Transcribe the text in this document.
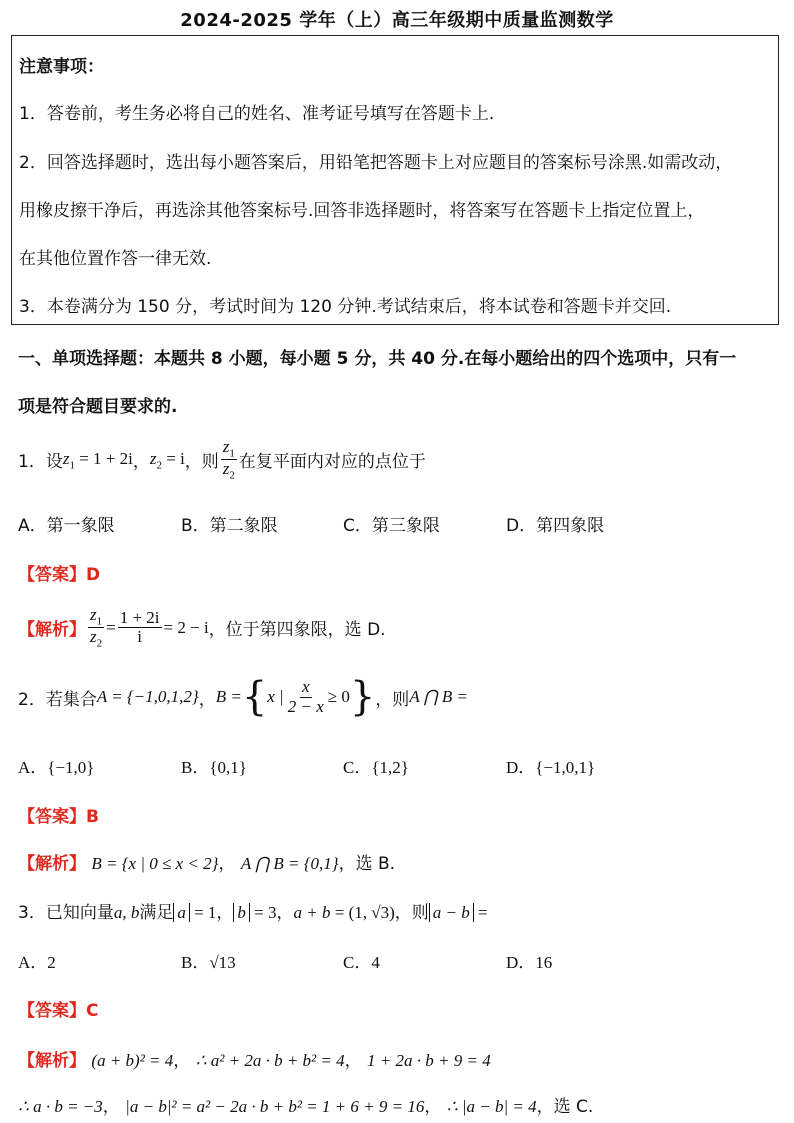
2024-2025 学年（上）高三年级期中质量监测数学
注意事项：
1．答卷前，考生务必将自己的姓名、准考证号填写在答题卡上.
2．回答选择题时，选出每小题答案后，用铅笔把答题卡上对应题目的答案标号涂黑.如需改动，
用橡皮擦干净后，再选涂其他答案标号.回答非选择题时，将答案写在答题卡上指定位置上，
在其他位置作答一律无效.
3．本卷满分为 150 分，考试时间为 120 分钟.考试结束后，将本试卷和答题卡并交回.
一、单项选择题：本题共 8 小题，每小题 5 分，共 40 分.在每小题给出的四个选项中，只有一
项是符合题目要求的.
1．设 $z_1 = 1 + 2i$ ， $z_2 = i$ ，则 $\frac{z_1}{z_2}$ 在复平面内对应的点位于
A．第一象限	B．第二象限	C．第三象限	D．第四象限
【答案】D
【解析】 $\frac{z_1}{z_2} = \frac{1 + 2i}{i} = 2 - i$ ，位于第四象限，选 D.
2．若集合 A = {−1,0,1,2} ， B = { x | $\frac{x}{2 - x} \ge 0$ } ，则 A ⋂ B =
A．{−1,0}	B．{0,1}	C．{1,2}	D．{−1,0,1}
【答案】B
【解析】 B = {x | 0 ≤ x < 2}， A ⋂ B = {0,1}，选 B.
3．已知向量a, b满足 a = 1， b = 3，a + b = (1, √3)，则 a − b =
A．2	B．√13	C．4	D．16
【答案】C
【解析】 (a + b)² = 4， ∴ a² + 2a · b + b² = 4， 1 + 2a · b + 9 = 4
∴ a · b = −3， |a − b|² = a² − 2a · b + b² = 1 + 6 + 9 = 16， ∴ |a − b| = 4，选 C.
